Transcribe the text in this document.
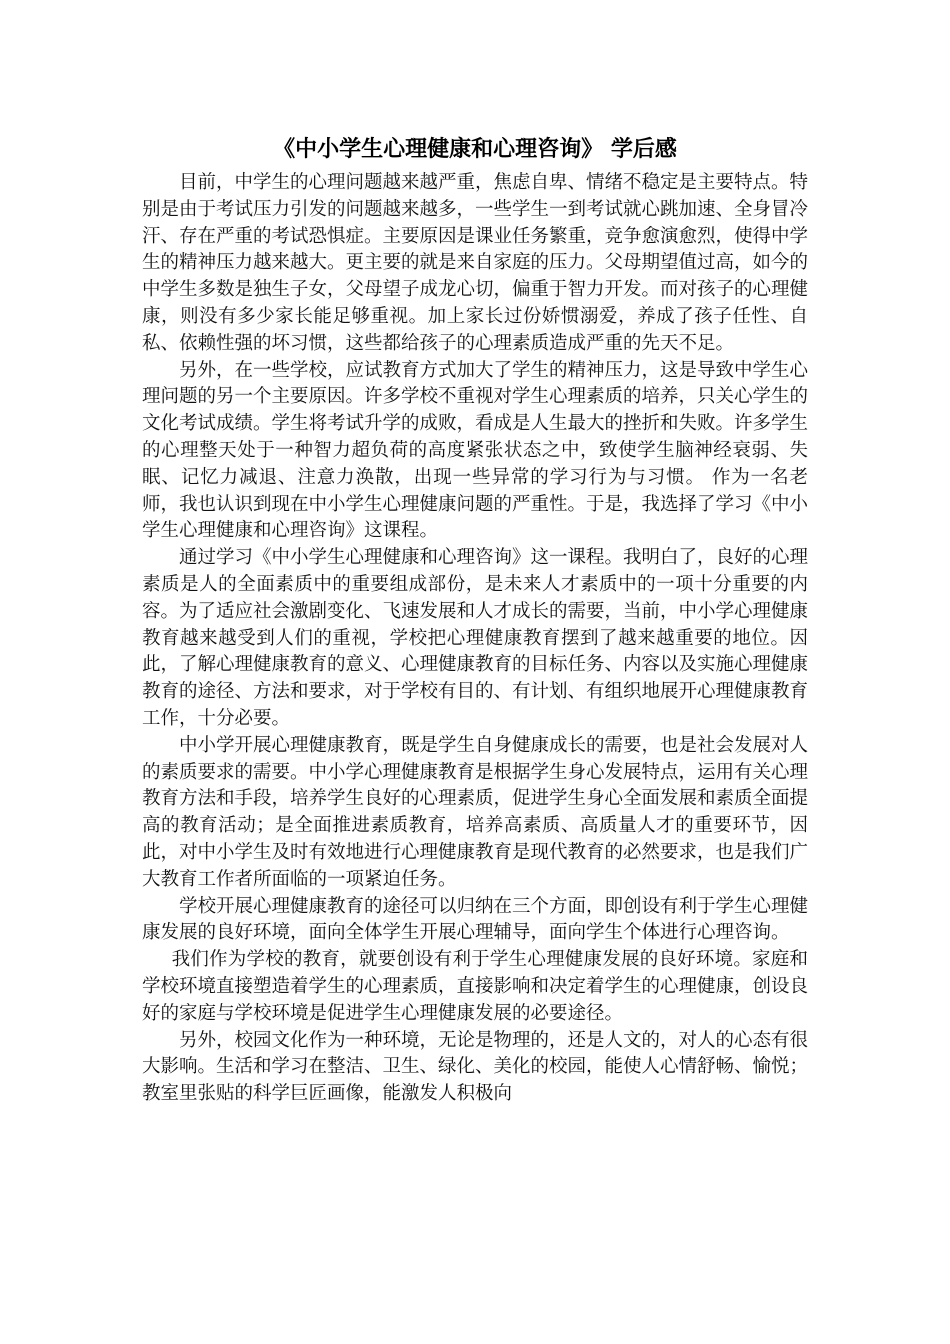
《中小学生心理健康和心理咨询》 学后感

目前，中学生的心理问题越来越严重，焦虑自卑、情绪不稳定是主要特点。特别是由于考试压力引发的问题越来越多，一些学生一到考试就心跳加速、全身冒冷汗、存在严重的考试恐惧症。主要原因是课业任务繁重，竞争愈演愈烈，使得中学生的精神压力越来越大。更主要的就是来自家庭的压力。父母期望值过高，如今的中学生多数是独生子女，父母望子成龙心切，偏重于智力开发。而对孩子的心理健康，则没有多少家长能足够重视。加上家长过份娇惯溺爱，养成了孩子任性、自私、依赖性强的坏习惯，这些都给孩子的心理素质造成严重的先天不足。

另外，在一些学校，应试教育方式加大了学生的精神压力，这是导致中学生心理问题的另一个主要原因。许多学校不重视对学生心理素质的培养，只关心学生的文化考试成绩。学生将考试升学的成败，看成是人生最大的挫折和失败。许多学生的心理整天处于一种智力超负荷的高度紧张状态之中，致使学生脑神经衰弱、失眠、记忆力减退、注意力涣散，出现一些异常的学习行为与习惯。 作为一名老师，我也认识到现在中小学生心理健康问题的严重性。于是，我选择了学习《中小学生心理健康和心理咨询》这课程。

通过学习《中小学生心理健康和心理咨询》这一课程。我明白了，良好的心理素质是人的全面素质中的重要组成部份，是未来人才素质中的一项十分重要的内容。为了适应社会激剧变化、飞速发展和人才成长的需要，当前，中小学心理健康教育越来越受到人们的重视，学校把心理健康教育摆到了越来越重要的地位。因此，了解心理健康教育的意义、心理健康教育的目标任务、内容以及实施心理健康教育的途径、方法和要求，对于学校有目的、有计划、有组织地展开心理健康教育工作，十分必要。

中小学开展心理健康教育，既是学生自身健康成长的需要，也是社会发展对人的素质要求的需要。中小学心理健康教育是根据学生身心发展特点，运用有关心理教育方法和手段，培养学生良好的心理素质，促进学生身心全面发展和素质全面提高的教育活动；是全面推进素质教育，培养高素质、高质量人才的重要环节，因此，对中小学生及时有效地进行心理健康教育是现代教育的必然要求，也是我们广大教育工作者所面临的一项紧迫任务。

学校开展心理健康教育的途径可以归纳在三个方面，即创设有利于学生心理健康发展的良好环境，面向全体学生开展心理辅导，面向学生个体进行心理咨询。

我们作为学校的教育，就要创设有利于学生心理健康发展的良好环境。家庭和学校环境直接塑造着学生的心理素质，直接影响和决定着学生的心理健康，创设良好的家庭与学校环境是促进学生心理健康发展的必要途径。

另外，校园文化作为一种环境，无论是物理的，还是人文的，对人的心态有很大影响。生活和学习在整洁、卫生、绿化、美化的校园，能使人心情舒畅、愉悦；教室里张贴的科学巨匠画像，能激发人积极向
